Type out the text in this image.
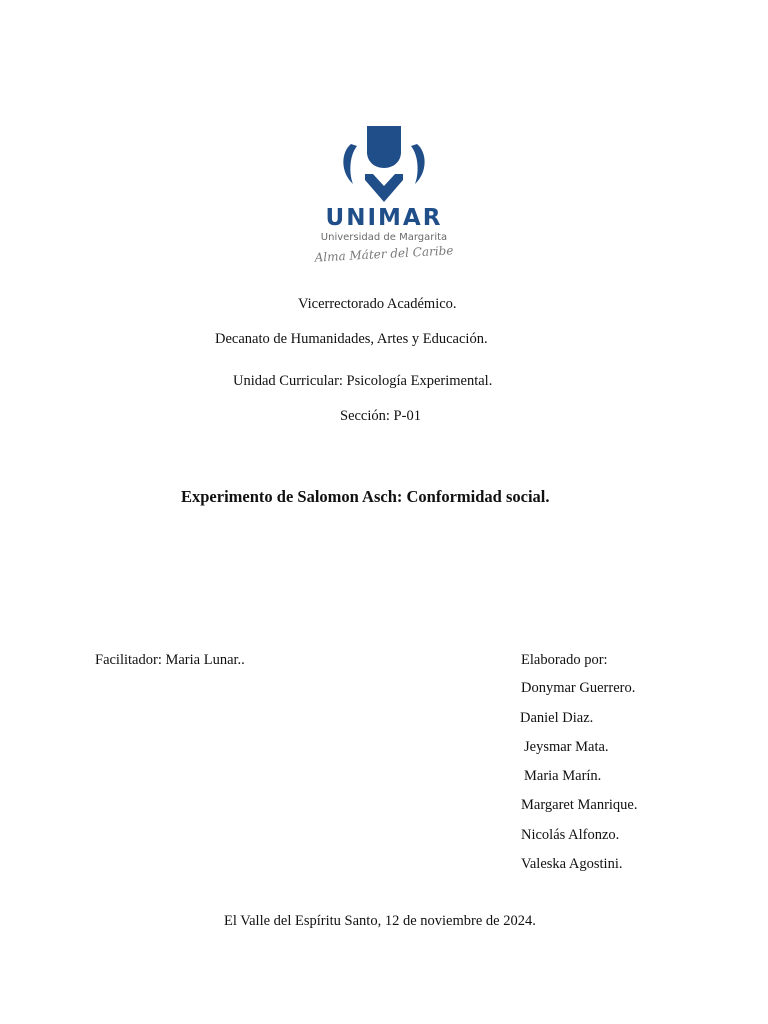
UNIMAR
Universidad de Margarita
Alma Máter del Caribe
Vicerrectorado Académico.
Decanato de Humanidades, Artes y Educación.
Unidad Curricular: Psicología Experimental.
Sección: P-01
Experimento de Salomon Asch: Conformidad social.
Facilitador: Maria Lunar..	Elaborado por:
Donymar Guerrero.
Daniel Diaz.
Jeysmar Mata.
Maria Marín.
Margaret Manrique.
Nicolás Alfonzo.
Valeska Agostini.
El Valle del Espíritu Santo, 12 de noviembre de 2024.
